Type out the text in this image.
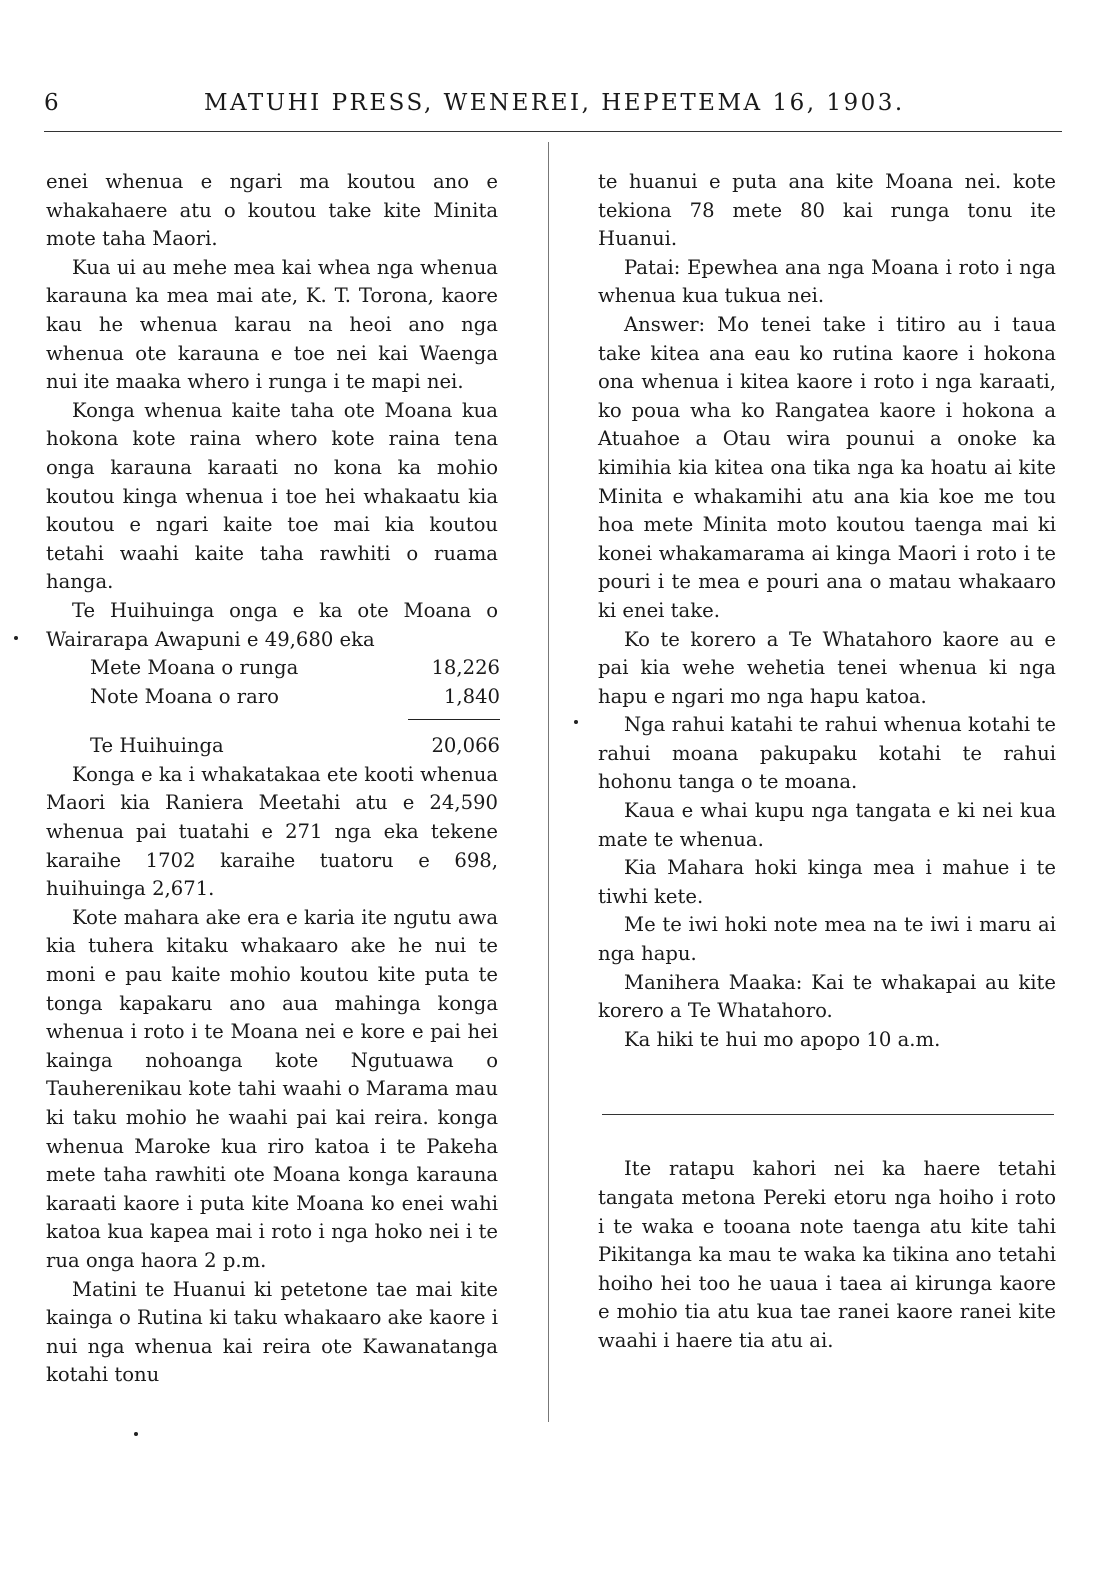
6	MATUHI PRESS, WENEREI, HEPETEMA 16, 1903.

enei whenua e ngari ma koutou ano e whakahaere atu o koutou take kite Minita mote taha Maori.

Kua ui au mehe mea kai whea nga whenua karauna ka mea mai ate, K. T. Torona, kaore kau he whenua karau na heoi ano nga whenua ote karauna e toe nei kai Waenga nui ite maaka whero i runga i te mapi nei.

Konga whenua kaite taha ote Moana kua hokona kote raina whero kote raina tena onga karauna karaati no kona ka mohio koutou kinga whenua i toe hei whakaatu kia koutou e ngari kaite toe mai kia koutou tetahi waahi kaite taha rawhiti o ruama hanga.

Te Huihuinga onga e ka ote Moana o Wairarapa Awapuni e 49,680 eka

Mete Moana o runga	18,226
Note Moana o raro	1,840
Te Huihuinga	20,066

Konga e ka i whakatakaa ete kooti whenua Maori kia Raniera Meetahi atu e 24,590 whenua pai tuatahi e 271 nga eka tekene karaihe 1702 karaihe tuatoru e 698, huihuinga 2,671.

Kote mahara ake era e karia ite ngutu awa kia tuhera kitaku whakaaro ake he nui te moni e pau kaite mohio koutou kite puta te tonga kapakaru ano aua mahinga konga whenua i roto i te Moana nei e kore e pai hei kainga nohoanga kote Ngutuawa o Tauherenikau kote tahi waahi o Marama mau ki taku mohio he waahi pai kai reira. konga whenua Maroke kua riro katoa i te Pakeha mete taha rawhiti ote Moana konga karauna karaati kaore i puta kite Moana ko enei wahi katoa kua kapea mai i roto i nga hoko nei i te rua onga haora 2 p.m.

Matini te Huanui ki petetone tae mai kite kainga o Rutina ki taku whakaaro ake kaore i nui nga whenua kai reira ote Kawanatanga kotahi tonu

te huanui e puta ana kite Moana nei. kote tekiona 78 mete 80 kai runga tonu ite Huanui.

Patai: Epewhea ana nga Moana i roto i nga whenua kua tukua nei.

Answer: Mo tenei take i titiro au i taua take kitea ana eau ko rutina kaore i hokona ona whenua i kitea kaore i roto i nga karaati, ko poua wha ko Rangatea kaore i hokona a Atuahoe a Otau wira pounui a onoke ka kimihia kia kitea ona tika nga ka hoatu ai kite Minita e whakamihi atu ana kia koe me tou hoa mete Minita moto koutou taenga mai ki konei whakamarama ai kinga Maori i roto i te pouri i te mea e pouri ana o matau whakaaro ki enei take.

Ko te korero a Te Whatahoro kaore au e pai kia wehe wehetia tenei whenua ki nga hapu e ngari mo nga hapu katoa.

Nga rahui katahi te rahui whenua kotahi te rahui moana pakupaku kotahi te rahui hohonu tanga o te moana.

Kaua e whai kupu nga tangata e ki nei kua mate te whenua.

Kia Mahara hoki kinga mea i mahue i te tiwhi kete.

Me te iwi hoki note mea na te iwi i maru ai nga hapu.

Manihera Maaka: Kai te whakapai au kite korero a Te Whatahoro.

Ka hiki te hui mo apopo 10 a.m.

Ite ratapu kahori nei ka haere tetahi tangata metona Pereki etoru nga hoiho i roto i te waka e tooana note taenga atu kite tahi Pikitanga ka mau te waka ka tikina ano tetahi hoiho hei too he uaua i taea ai kirunga kaore e mohio tia atu kua tae ranei kaore ranei kite waahi i haere tia atu ai.
